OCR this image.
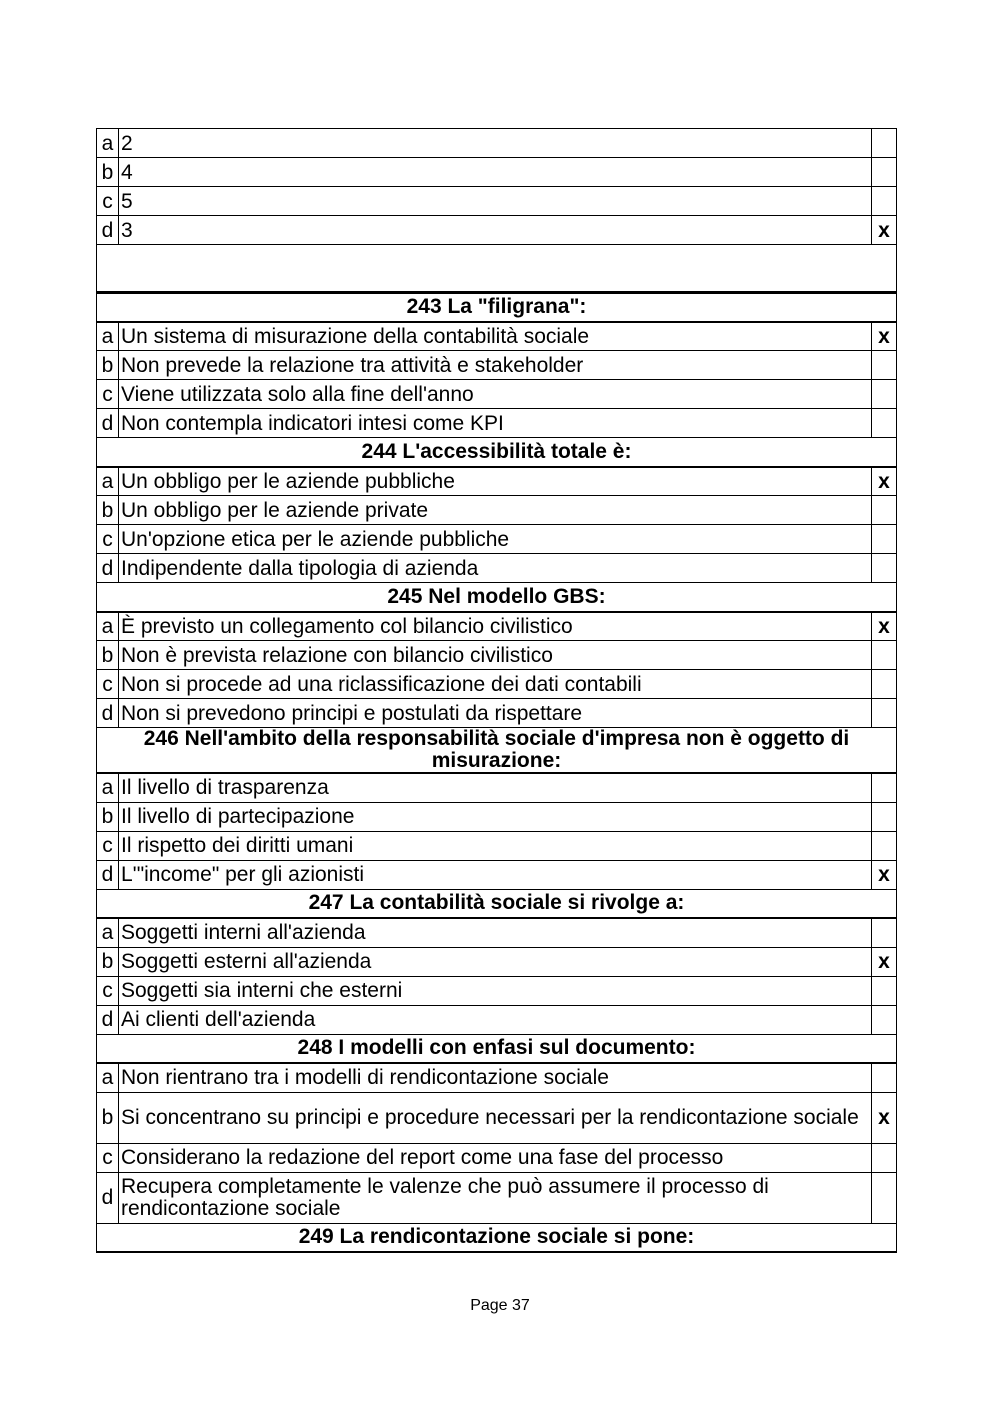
a	2	
b	4	
c	5	
d	3	x

243 La "filigrana":		
a	Un sistema di misurazione della contabilità sociale	x
b	Non prevede la relazione tra attività e stakeholder	
c	Viene utilizzata solo alla fine dell'anno	
d	Non contempla indicatori intesi come KPI	
244 L'accessibilità totale è:		
a	Un obbligo per le aziende pubbliche	x
b	Un obbligo per le aziende private	
c	Un'opzione etica per le aziende pubbliche	
d	Indipendente dalla tipologia di azienda	
245 Nel modello GBS:		
a	È previsto un collegamento col bilancio civilistico	x
b	Non è prevista relazione con bilancio civilistico	
c	Non si procede ad una riclassificazione dei dati contabili	
d	Non si prevedono principi e postulati da rispettare	
246 Nell'ambito della responsabilità sociale d'impresa non è oggetto di misurazione:		
a	Il livello di trasparenza	
b	Il livello di partecipazione	
c	Il rispetto dei diritti umani	
d	L'"income" per gli azionisti	x
247 La contabilità sociale si rivolge a:		
a	Soggetti interni all'azienda	
b	Soggetti esterni all'azienda	x
c	Soggetti sia interni che esterni	
d	Ai clienti dell'azienda	
248 I modelli con enfasi sul documento:		
a	Non rientrano tra i modelli di rendicontazione sociale	
b	Si concentrano su principi e procedure necessari per la rendicontazione sociale	x
c	Considerano la redazione del report come una fase del processo	
d	Recupera completamente le valenze che può assumere il processo di rendicontazione sociale	
249 La rendicontazione sociale si pone:		
Page 37
